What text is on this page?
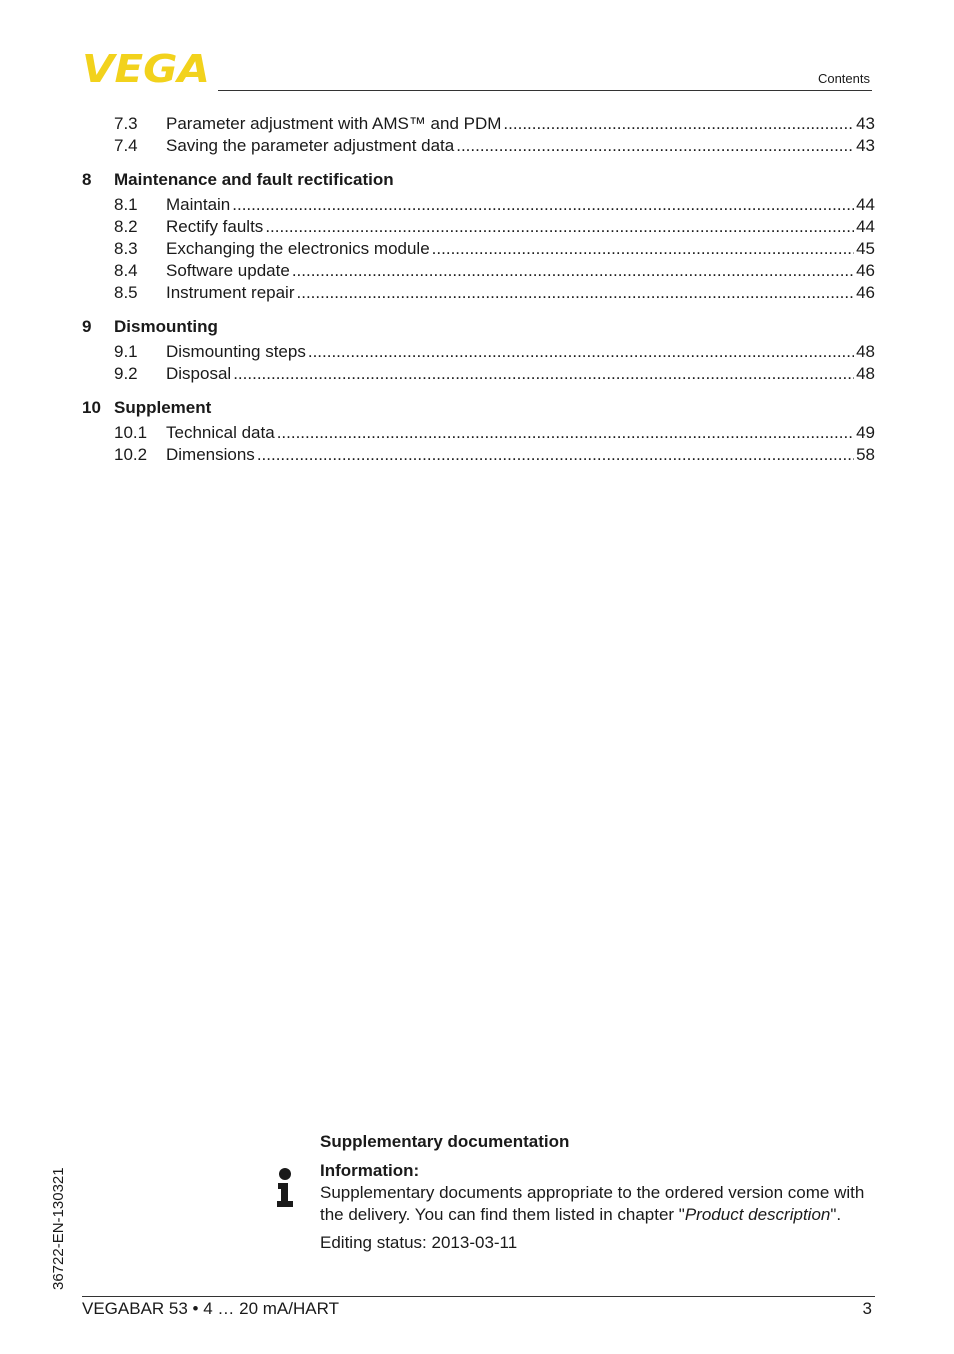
VEGA	Contents
7.3	Parameter adjustment with AMS™ and PDM .....	43
7.4	Saving the parameter adjustment data .....	43
8	Maintenance and fault rectification
8.1	Maintain .....	44
8.2	Rectify faults .....	44
8.3	Exchanging the electronics module .....	45
8.4	Software update .....	46
8.5	Instrument repair .....	46
9	Dismounting
9.1	Dismounting steps .....	48
9.2	Disposal .....	48
10 Supplement
10.1	Technical data .....	49
10.2	Dimensions .....	58
36722-EN-130321
Supplementary documentation
Information:
Supplementary documents appropriate to the ordered version come with the delivery. You can find them listed in chapter "Product description".
Editing status: 2013-03-11
VEGABAR 53 • 4 … 20 mA/HART	3
